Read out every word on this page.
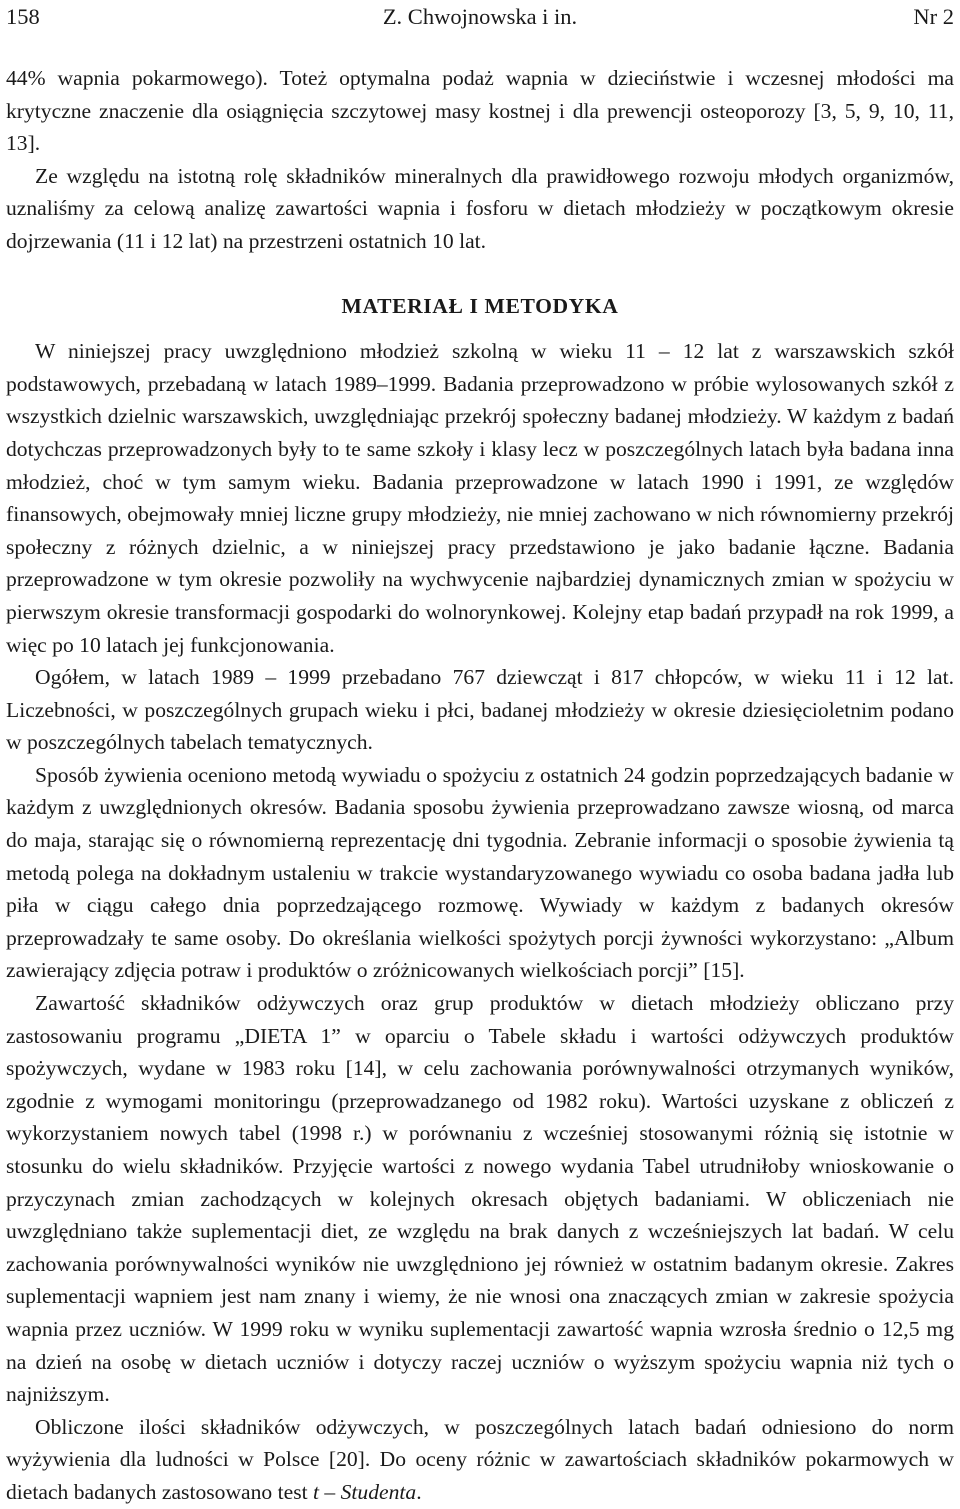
158	Z. Chwojnowska i in.	Nr 2

44% wapnia pokarmowego). Toteż optymalna podaż wapnia w dzieciństwie i wczesnej młodości ma krytyczne znaczenie dla osiągnięcia szczytowej masy kostnej i dla prewencji osteoporozy [3, 5, 9, 10, 11, 13].

Ze względu na istotną rolę składników mineralnych dla prawidłowego rozwoju młodych organizmów, uznaliśmy za celową analizę zawartości wapnia i fosforu w dietach młodzieży w początkowym okresie dojrzewania (11 i 12 lat) na przestrzeni ostatnich 10 lat.

MATERIAŁ I METODYKA

W niniejszej pracy uwzględniono młodzież szkolną w wieku 11 – 12 lat z warszawskich szkół podstawowych, przebadaną w latach 1989–1999. Badania przeprowadzono w próbie wylosowanych szkół z wszystkich dzielnic warszawskich, uwzględniając przekrój społeczny badanej młodzieży. W każdym z badań dotychczas przeprowadzonych były to te same szkoły i klasy lecz w poszczególnych latach była badana inna młodzież, choć w tym samym wieku. Badania przeprowadzone w latach 1990 i 1991, ze względów finansowych, obejmowały mniej liczne grupy młodzieży, nie mniej zachowano w nich równomierny przekrój społeczny z różnych dzielnic, a w niniejszej pracy przedstawiono je jako badanie łączne. Badania przeprowadzone w tym okresie pozwoliły na wychwycenie najbardziej dynamicznych zmian w spożyciu w pierwszym okresie transformacji gospodarki do wolnorynkowej. Kolejny etap badań przypadł na rok 1999, a więc po 10 latach jej funkcjonowania.

Ogółem, w latach 1989 – 1999 przebadano 767 dziewcząt i 817 chłopców, w wieku 11 i 12 lat. Liczebności, w poszczególnych grupach wieku i płci, badanej młodzieży w okresie dziesięcioletnim podano w poszczególnych tabelach tematycznych.

Sposób żywienia oceniono metodą wywiadu o spożyciu z ostatnich 24 godzin poprzedzających badanie w każdym z uwzględnionych okresów. Badania sposobu żywienia przeprowadzano zawsze wiosną, od marca do maja, starając się o równomierną reprezentację dni tygodnia. Zebranie informacji o sposobie żywienia tą metodą polega na dokładnym ustaleniu w trakcie wystandaryzowanego wywiadu co osoba badana jadła lub piła w ciągu całego dnia poprzedzającego rozmowę. Wywiady w każdym z badanych okresów przeprowadzały te same osoby. Do określania wielkości spożytych porcji żywności wykorzystano: „Album zawierający zdjęcia potraw i produktów o zróżnicowanych wielkościach porcji” [15].

Zawartość składników odżywczych oraz grup produktów w dietach młodzieży obliczano przy zastosowaniu programu „DIETA 1” w oparciu o Tabele składu i wartości odżywczych produktów spożywczych, wydane w 1983 roku [14], w celu zachowania porównywalności otrzymanych wyników, zgodnie z wymogami monitoringu (przeprowadzanego od 1982 roku). Wartości uzyskane z obliczeń z wykorzystaniem nowych tabel (1998 r.) w porównaniu z wcześniej stosowanymi różnią się istotnie w stosunku do wielu składników. Przyjęcie wartości z nowego wydania Tabel utrudniłoby wnioskowanie o przyczynach zmian zachodzących w kolejnych okresach objętych badaniami. W obliczeniach nie uwzględniano także suplementacji diet, ze względu na brak danych z wcześniejszych lat badań. W celu zachowania porównywalności wyników nie uwzględniono jej również w ostatnim badanym okresie. Zakres suplementacji wapniem jest nam znany i wiemy, że nie wnosi ona znaczących zmian w zakresie spożycia wapnia przez uczniów. W 1999 roku w wyniku suplementacji zawartość wapnia wzrosła średnio o 12,5 mg na dzień na osobę w dietach uczniów i dotyczy raczej uczniów o wyższym spożyciu wapnia niż tych o najniższym.

Obliczone ilości składników odżywczych, w poszczególnych latach badań odniesiono do norm wyżywienia dla ludności w Polsce [20]. Do oceny różnic w zawartościach składników pokarmowych w dietach badanych zastosowano test t – Studenta.
